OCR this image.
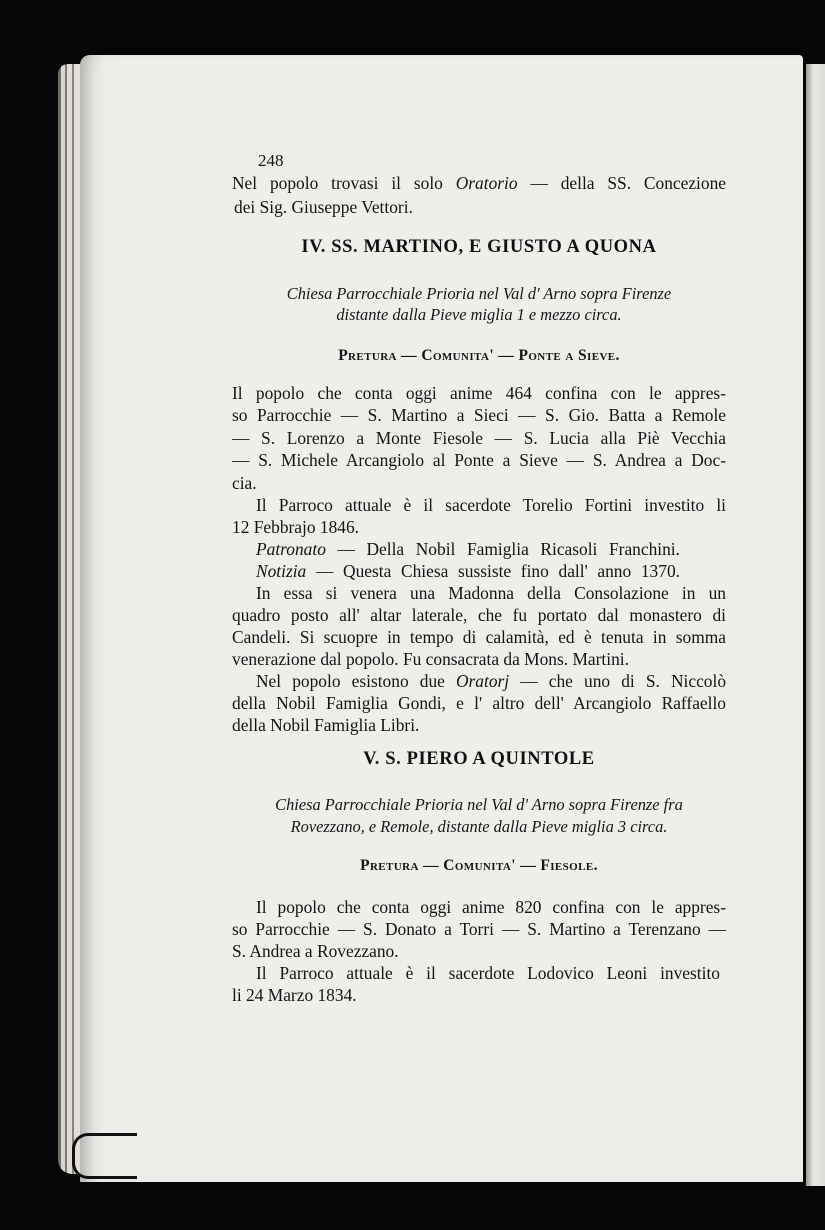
248
Nel popolo trovasi il solo Oratorio — della SS. Concezione
dei Sig. Giuseppe Vettori.
IV. SS. MARTINO, E GIUSTO A QUONA
Chiesa Parrocchiale Prioria nel Val d' Arno sopra Firenze
distante dalla Pieve miglia 1 e mezzo circa.
Pretura — Comunita' — Ponte a Sieve.
Il popolo che conta oggi anime 464 confina con le appres-
so Parrocchie — S. Martino a Sieci — S. Gio. Batta a Remole
— S. Lorenzo a Monte Fiesole — S. Lucia alla Piè Vecchia
— S. Michele Arcangiolo al Ponte a Sieve — S. Andrea a Doc-
cia.
Il Parroco attuale è il sacerdote Torelio Fortini investito li
12 Febbrajo 1846.
Patronato — Della Nobil Famiglia Ricasoli Franchini.
Notizia — Questa Chiesa sussiste fino dall' anno 1370.
In essa si venera una Madonna della Consolazione in un
quadro posto all' altar laterale, che fu portato dal monastero di
Candeli. Si scuopre in tempo di calamità, ed è tenuta in somma
venerazione dal popolo. Fu consacrata da Mons. Martini.
Nel popolo esistono due Oratorj — che uno di S. Niccolò
della Nobil Famiglia Gondi, e l' altro dell' Arcangiolo Raffaello
della Nobil Famiglia Libri.
V. S. PIERO A QUINTOLE
Chiesa Parrocchiale Prioria nel Val d' Arno sopra Firenze fra
Rovezzano, e Remole, distante dalla Pieve miglia 3 circa.
Pretura — Comunita' — Fiesole.
Il popolo che conta oggi anime 820 confina con le appres-
so Parrocchie — S. Donato a Torri — S. Martino a Terenzano —
S. Andrea a Rovezzano.
Il Parroco attuale è il sacerdote Lodovico Leoni investito
li 24 Marzo 1834.
